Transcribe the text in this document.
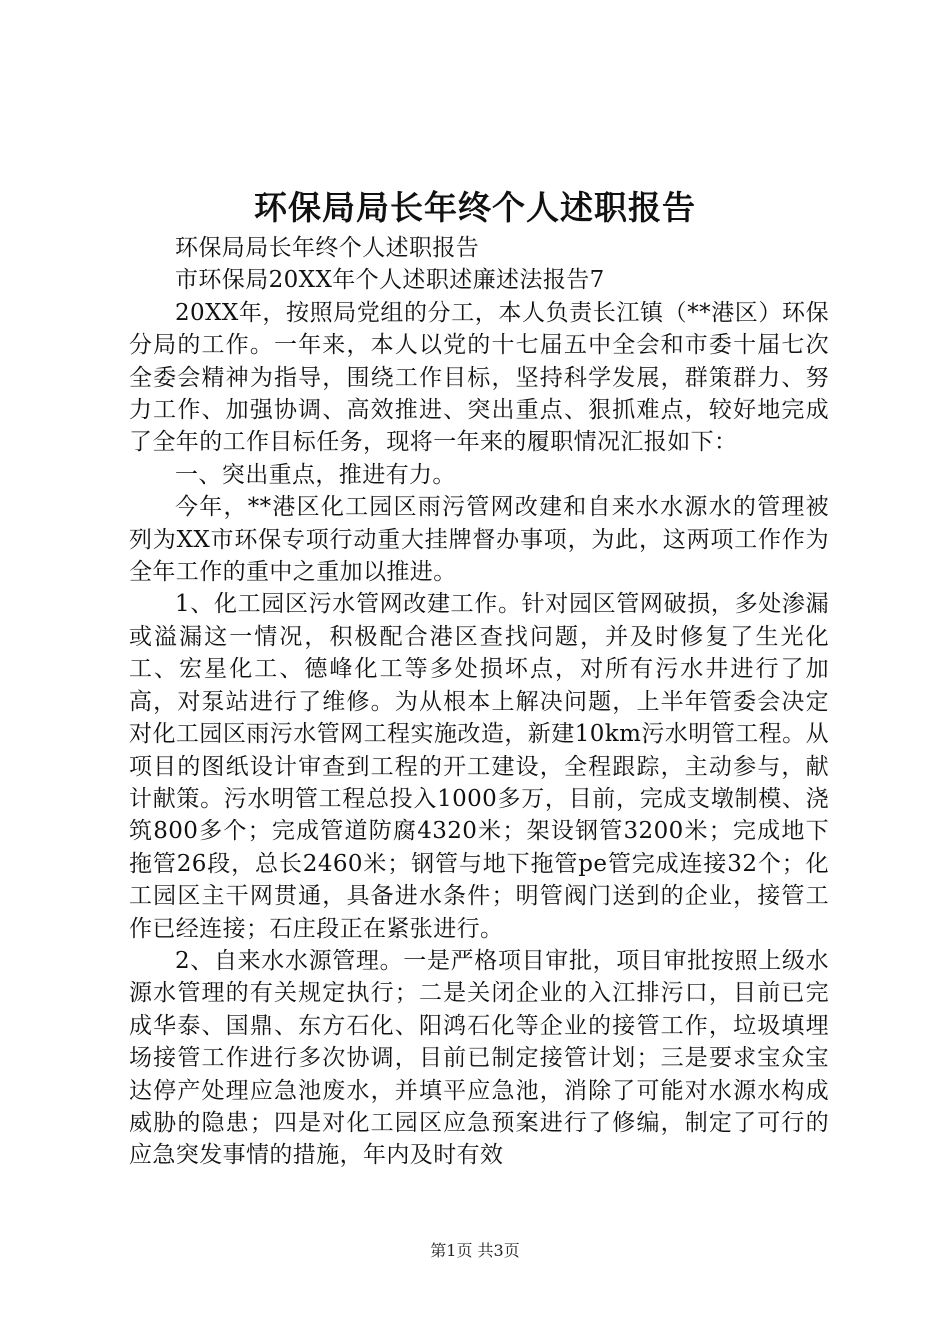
环保局局长年终个人述职报告

环保局局长年终个人述职报告

市环保局20XX年个人述职述廉述法报告7

20XX年，按照局党组的分工，本人负责长江镇（**港区）环保分局的工作。一年来，本人以党的十七届五中全会和市委十届七次全委会精神为指导，围绕工作目标，坚持科学发展，群策群力、努力工作、加强协调、高效推进、突出重点、狠抓难点，较好地完成了全年的工作目标任务，现将一年来的履职情况汇报如下：

一、突出重点，推进有力。

今年，**港区化工园区雨污管网改建和自来水水源水的管理被列为XX市环保专项行动重大挂牌督办事项，为此，这两项工作作为全年工作的重中之重加以推进。

1、化工园区污水管网改建工作。针对园区管网破损，多处渗漏或溢漏这一情况，积极配合港区查找问题，并及时修复了生光化工、宏星化工、德峰化工等多处损坏点，对所有污水井进行了加高，对泵站进行了维修。为从根本上解决问题，上半年管委会决定对化工园区雨污水管网工程实施改造，新建10km污水明管工程。从项目的图纸设计审查到工程的开工建设，全程跟踪，主动参与，献计献策。污水明管工程总投入1000多万，目前，完成支墩制模、浇筑800多个；完成管道防腐4320米；架设钢管3200米；完成地下拖管26段，总长2460米；钢管与地下拖管pe管完成连接32个；化工园区主干网贯通，具备进水条件；明管阀门送到的企业，接管工作已经连接；石庄段正在紧张进行。

2、自来水水源管理。一是严格项目审批，项目审批按照上级水源水管理的有关规定执行；二是关闭企业的入江排污口，目前已完成华泰、国鼎、东方石化、阳鸿石化等企业的接管工作，垃圾填埋场接管工作进行多次协调，目前已制定接管计划；三是要求宝众宝达停产处理应急池废水，并填平应急池，消除了可能对水源水构成威胁的隐患；四是对化工园区应急预案进行了修编，制定了可行的应急突发事情的措施，年内及时有效

第1页 共3页
